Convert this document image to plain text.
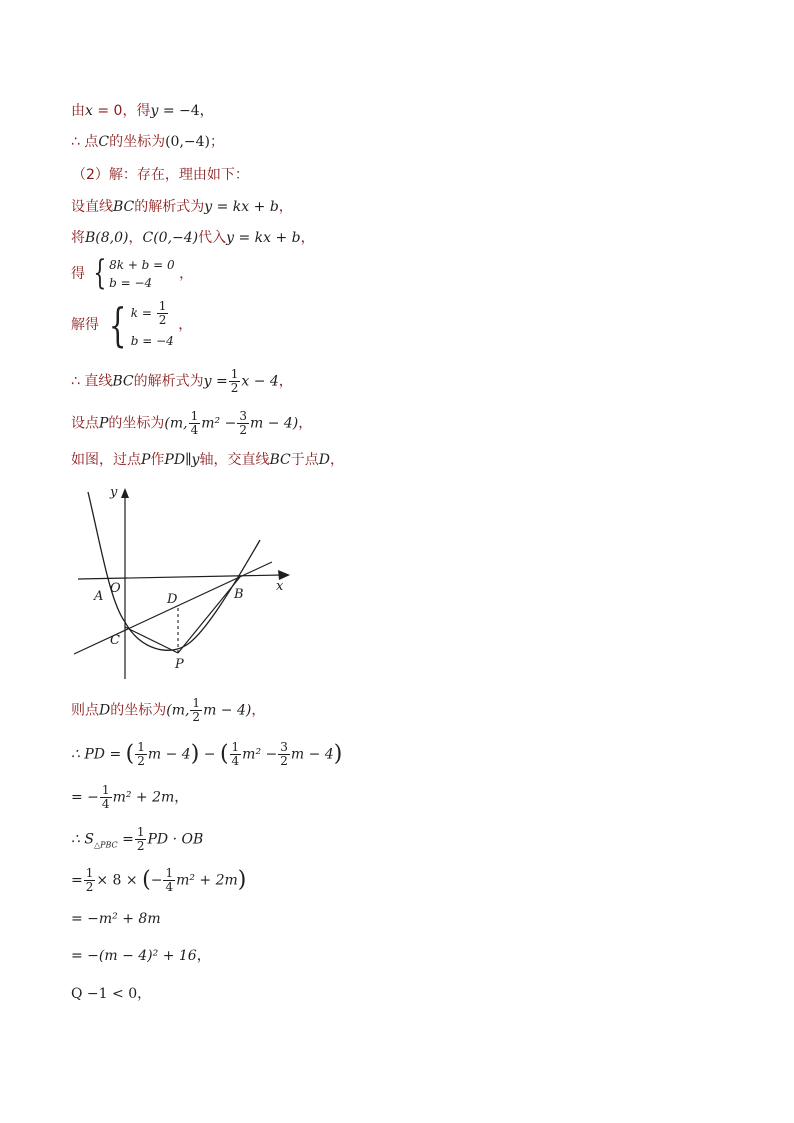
由x = 0，得y = −4，
∴ 点C的坐标为(0,−4)；
（2）解：存在，理由如下：
设直线BC的解析式为y = kx + b，
将B(8,0)，C(0,−4)代入y = kx + b，
得 { 8k + b = 0
b = −4
，
解得 { $k = \frac{1}{2}$
b = −4
，
∴ 直线BC的解析式为$y = \frac{1}{2}$ x − 4，
设点P的坐标为(m, $\frac{1}{4} m^2 - \frac{3}{2}$ m − 4)，
如图，过点P作PD∥y轴，交直线BC于点D，
y
x
O
A	B
C
D
P
则点D的坐标为(m, $\frac{1}{2}$ m − 4)，
∴ PD = ( $\frac{1}{2}$ m − 4) − ( $\frac{1}{4} m^2 - \frac{3}{2}$ m − 4)
= − $\frac{1}{4} m^2 + 2m$，
∴ $S_{\triangle PBC} = \frac{1}{2}$ PD · OB
= $\frac{1}{2} \times 8$ × (− $\frac{1}{4} m^2 + 2m$)
= −m² + 8m
= −(m − 4)² + 16，
Q −1 < 0，
